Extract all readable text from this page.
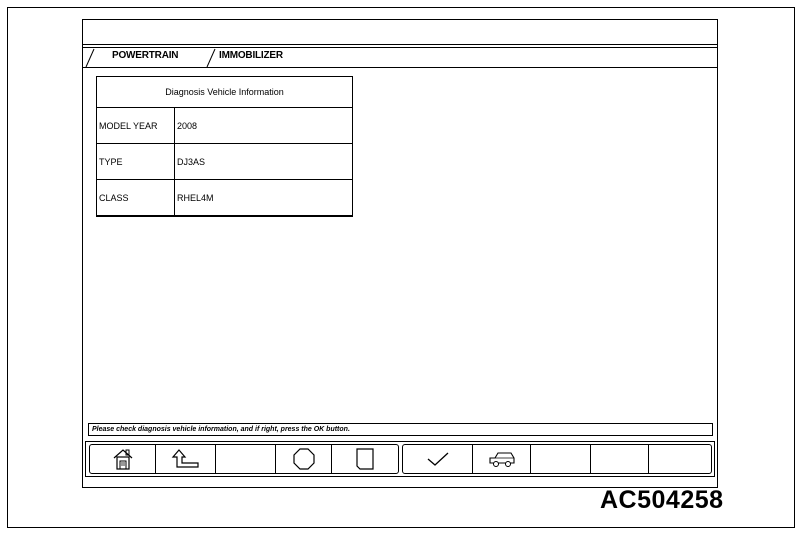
POWERTRAIN	IMMOBILIZER
Diagnosis Vehicle Information	
MODEL YEAR	2008
TYPE	DJ3AS
CLASS	RHEL4M
Please check diagnosis vehicle information, and if right, press the OK button.
AC504258
